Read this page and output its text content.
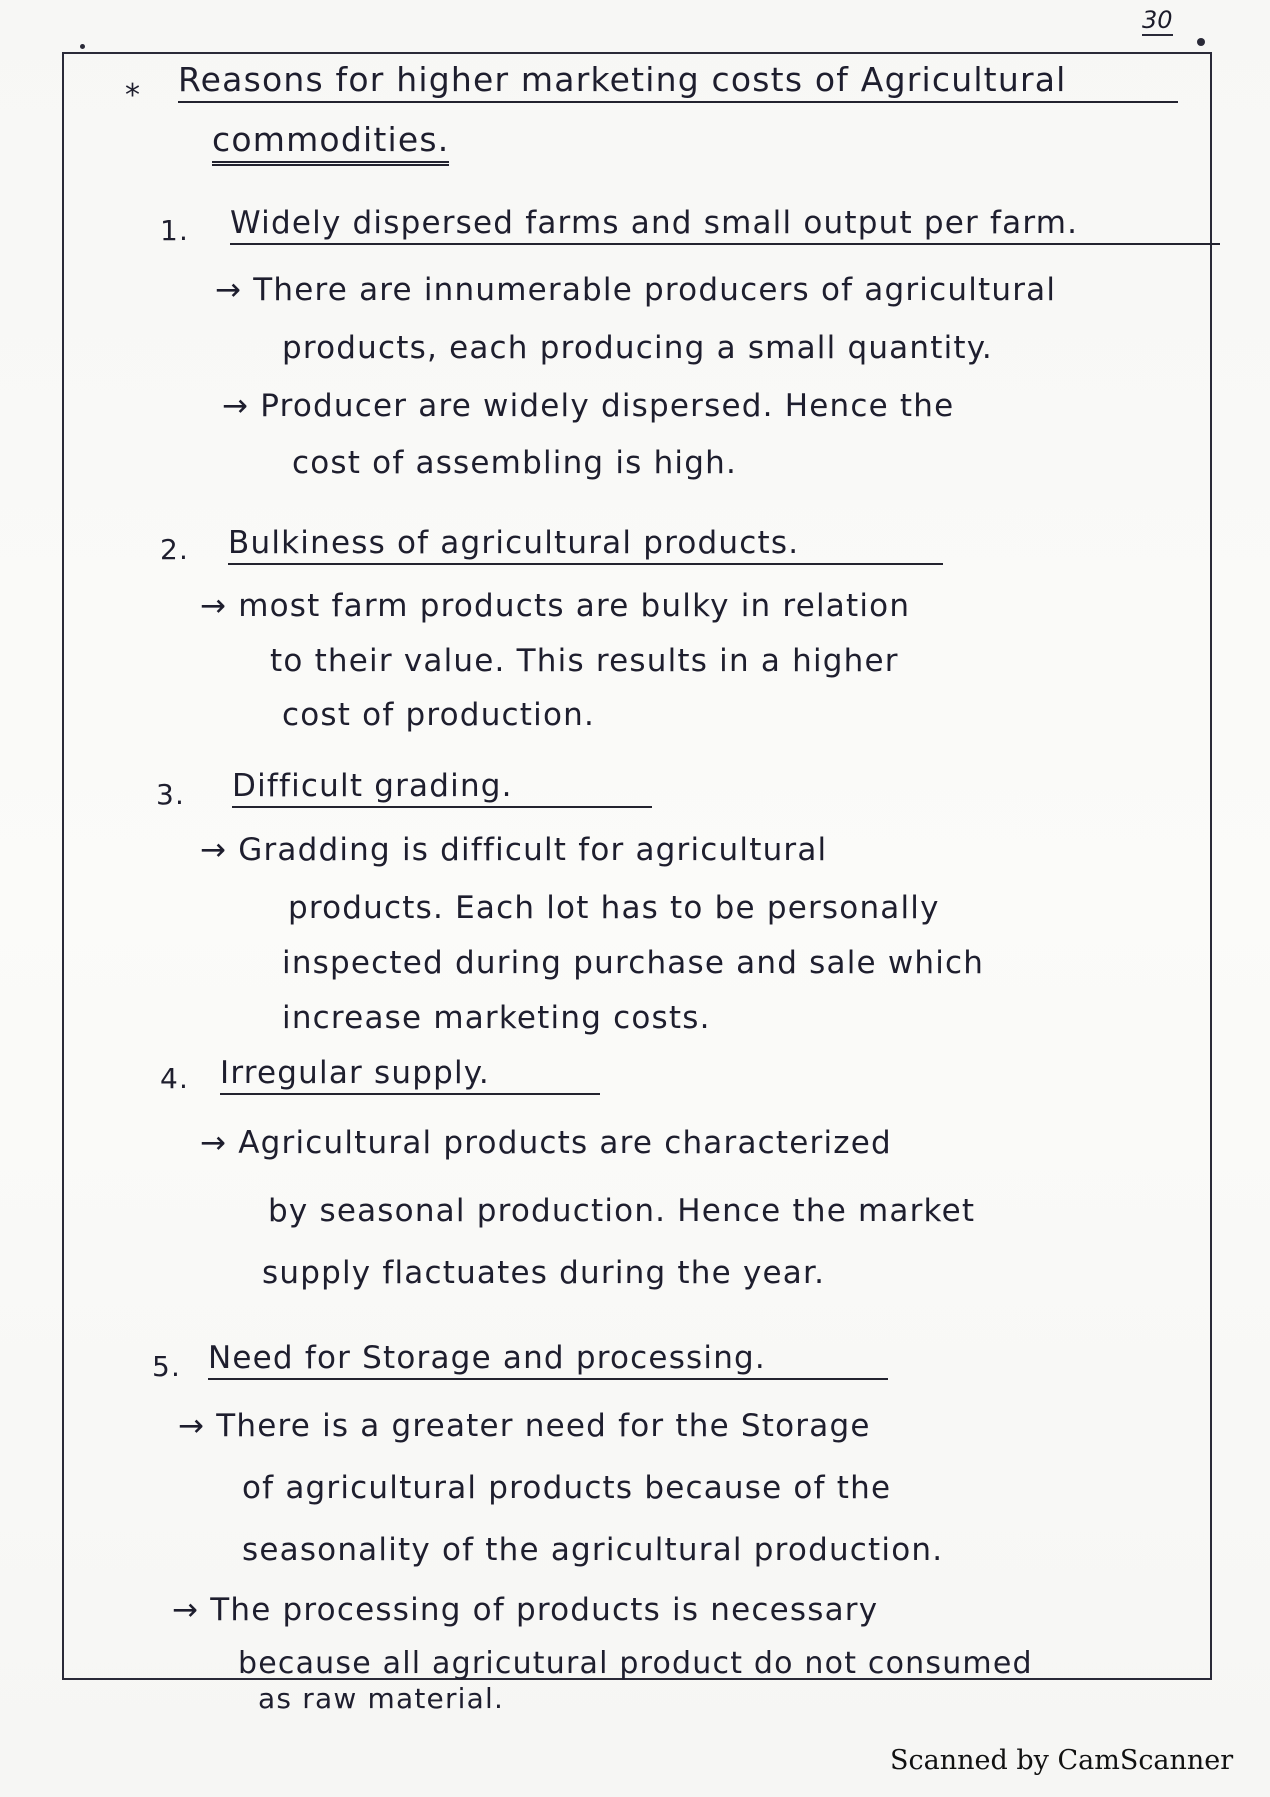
30
* Reasons for higher marketing costs of Agricultural
commodities.
1. Widely dispersed farms and small output per farm.
→ There are innumerable producers of agricultural
products, each producing a small quantity.
→ Producer are widely dispersed. Hence the
cost of assembling is high.
2. Bulkiness of agricultural products.
→ most farm products are bulky in relation
to their value. This results in a higher
cost of production.
3. Difficult grading.
→ Gradding is difficult for agricultural
products. Each lot has to be personally
inspected during purchase and sale which
increase marketing costs.
4. Irregular supply.
→ Agricultural products are characterized
by seasonal production. Hence the market
supply flactuates during the year.
5. Need for Storage and processing.
→ There is a greater need for the Storage
of agricultural products because of the
seasonality of the agricultural production.
→ The processing of products is necessary
because all agricutural product do not consumed
as raw material.
Scanned by CamScanner
